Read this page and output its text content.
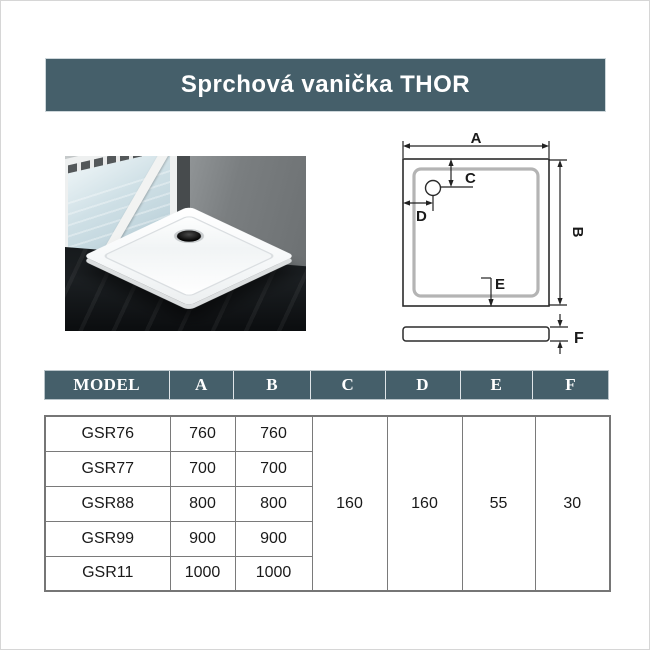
Sprchová vanička THOR
A
B
C
D
E
F
MODEL	A	B	C	D	E	F
GSR76	760	760	160	160	55	30
GSR77	700	700				
GSR88	800	800				
GSR99	900	900				
GSR11	1000	1000				
